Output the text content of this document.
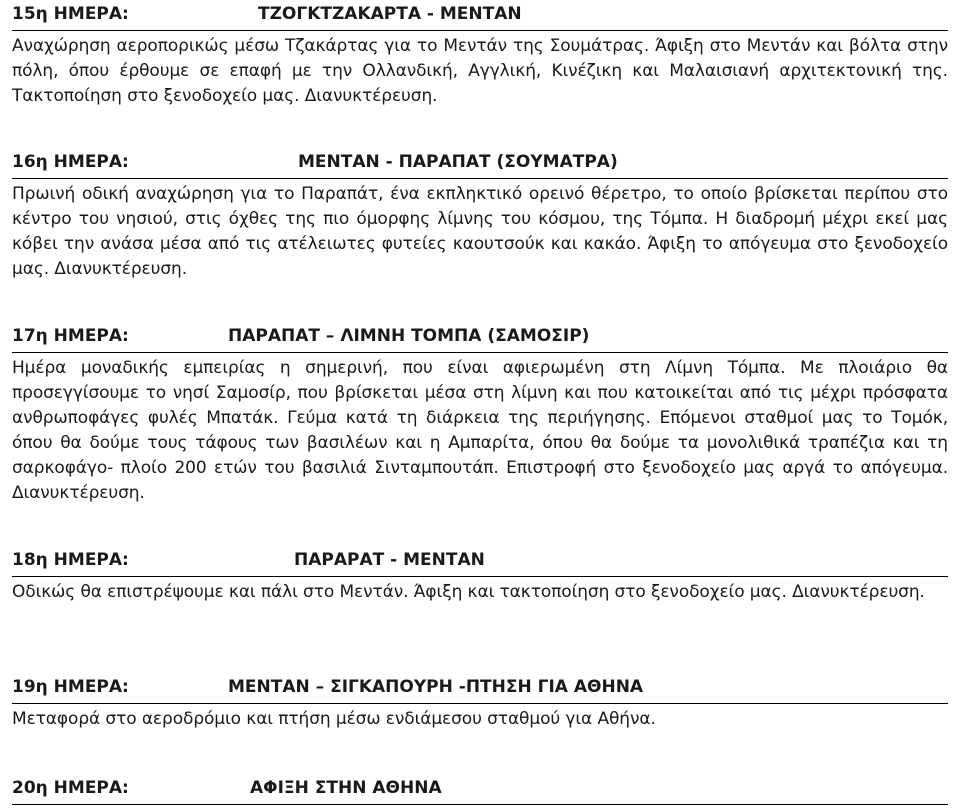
15η ΗΜΕΡΑ:	ΤΖΟΓΚΤΖΑΚΑΡΤΑ - ΜΕΝΤΑΝ

Αναχώρηση αεροπορικώς μέσω Τζακάρτας για το Μεντάν της Σουμάτρας. Άφιξη στο Μεντάν και βόλτα στην πόλη, όπου έρθουμε σε επαφή με την Ολλανδική, Αγγλική, Κινέζικη και Μαλαισιανή αρχιτεκτονική της. Τακτοποίηση στο ξενοδοχείο μας. Διανυκτέρευση.

16η ΗΜΕΡΑ:	ΜΕΝΤΑΝ - ΠΑΡΑΠΑΤ (ΣΟΥΜΑΤΡΑ)

Πρωινή οδική αναχώρηση για το Παραπάτ, ένα εκπληκτικό ορεινό θέρετρο, το οποίο βρίσκεται περίπου στο κέντρο του νησιού, στις όχθες της πιο όμορφης λίμνης του κόσμου, της Τόμπα. Η διαδρομή μέχρι εκεί μας κόβει την ανάσα μέσα από τις ατέλειωτες φυτείες καουτσούκ και κακάο. Άφιξη το απόγευμα στο ξενοδοχείο μας. Διανυκτέρευση.

17η ΗΜΕΡΑ:	ΠΑΡΑΠΑΤ – ΛΙΜΝΗ ΤΟΜΠΑ (ΣΑΜΟΣΙΡ)

Ημέρα μοναδικής εμπειρίας η σημερινή, που είναι αφιερωμένη στη Λίμνη Τόμπα. Με πλοιάριο θα προσεγγίσουμε το νησί Σαμοσίρ, που βρίσκεται μέσα στη λίμνη και που κατοικείται από τις μέχρι πρόσφατα ανθρωποφάγες φυλές Μπατάκ. Γεύμα κατά τη διάρκεια της περιήγησης. Επόμενοι σταθμοί μας το Τομόκ, όπου θα δούμε τους τάφους των βασιλέων και η Αμπαρίτα, όπου θα δούμε τα μονολιθικά τραπέζια και τη σαρκοφάγο- πλοίο 200 ετών του βασιλιά Σινταμπουτάπ. Επιστροφή στο ξενοδοχείο μας αργά το απόγευμα. Διανυκτέρευση.

18η ΗΜΕΡΑ:	ΠΑΡΑΡΑΤ - ΜΕΝΤΑΝ

Οδικώς θα επιστρέψουμε και πάλι στο Μεντάν. Άφιξη και τακτοποίηση στο ξενοδοχείο μας. Διανυκτέρευση.

19η ΗΜΕΡΑ:	ΜΕΝΤΑΝ – ΣΙΓΚΑΠΟΥΡΗ -ΠΤΗΣΗ ΓΙΑ ΑΘΗΝΑ

Μεταφορά στο αεροδρόμιο και πτήση μέσω ενδιάμεσου σταθμού για Αθήνα.

20η ΗΜΕΡΑ:	ΑΦΙΞΗ ΣΤΗΝ ΑΘΗΝΑ
